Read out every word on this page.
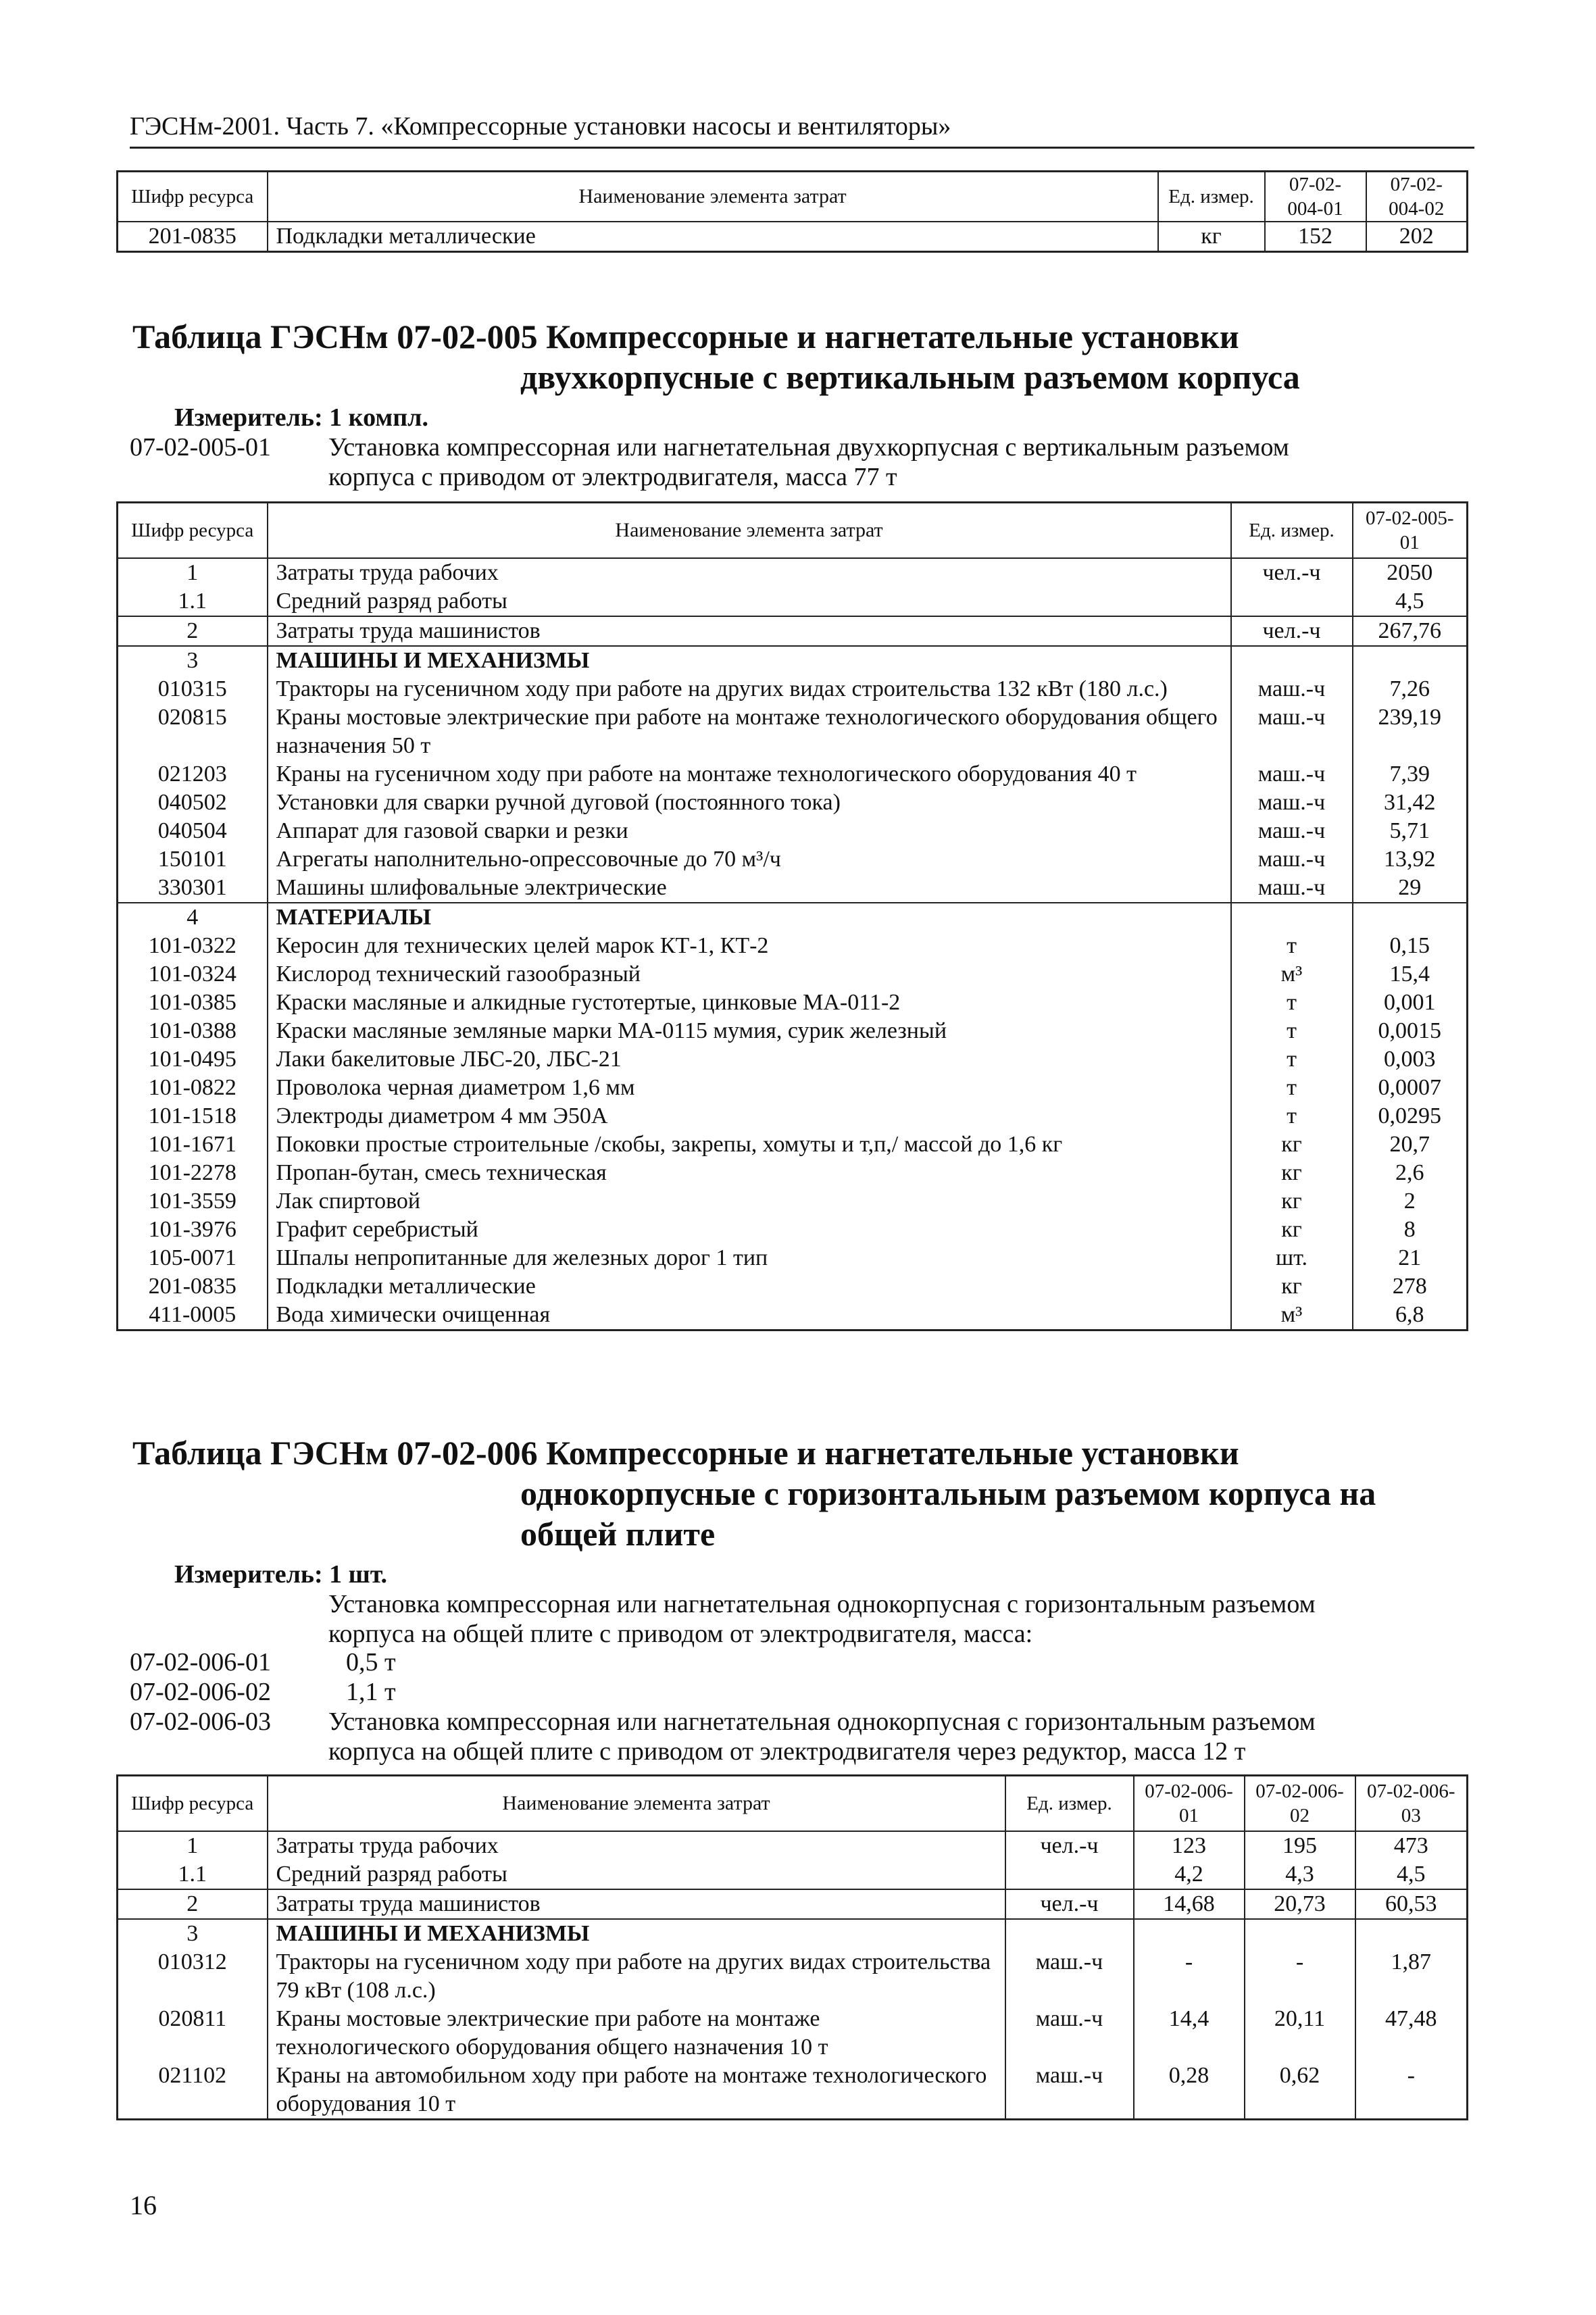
ГЭСНм-2001. Часть 7. «Компрессорные установки насосы и вентиляторы»
Шифр ресурса	Наименование элемента затрат	Ед. измер.	07-02-004-01	07-02-004-02
201-0835	Подкладки металлические	кг	152	202
Таблица ГЭСНм 07-02-005 Компрессорные и нагнетательные установки
двухкорпусные с вертикальным разъемом корпуса
Измеритель: 1 компл.
07-02-005-01 Установка компрессорная или нагнетательная двухкорпусная с вертикальным разъемом
корпуса с приводом от электродвигателя, масса 77 т
Шифр ресурса	Наименование элемента затрат	Ед. измер.	07-02-005-01
1	Затраты труда рабочих	чел.-ч	2050
1.1	Средний разряд работы		4,5
2	Затраты труда машинистов	чел.-ч	267,76
3	МАШИНЫ И МЕХАНИЗМЫ		
010315	Тракторы на гусеничном ходу при работе на других видах строительства 132 кВт (180 л.с.)	маш.-ч	7,26
020815	Краны мостовые электрические при работе на монтаже технологического оборудования общего назначения 50 т	маш.-ч	239,19
021203	Краны на гусеничном ходу при работе на монтаже технологического оборудования 40 т	маш.-ч	7,39
040502	Установки для сварки ручной дуговой (постоянного тока)	маш.-ч	31,42
040504	Аппарат для газовой сварки и резки	маш.-ч	5,71
150101	Агрегаты наполнительно-опрессовочные до 70 м³/ч	маш.-ч	13,92
330301	Машины шлифовальные электрические	маш.-ч	29
4	МАТЕРИАЛЫ		
101-0322	Керосин для технических целей марок КТ-1, КТ-2	т	0,15
101-0324	Кислород технический газообразный	м³	15,4
101-0385	Краски масляные и алкидные густотертые, цинковые МА-011-2	т	0,001
101-0388	Краски масляные земляные марки МА-0115 мумия, сурик железный	т	0,0015
101-0495	Лаки бакелитовые ЛБС-20, ЛБС-21	т	0,003
101-0822	Проволока черная диаметром 1,6 мм	т	0,0007
101-1518	Электроды диаметром 4 мм Э50А	т	0,0295
101-1671	Поковки простые строительные /скобы, закрепы, хомуты и т,п,/ массой до 1,6 кг	кг	20,7
101-2278	Пропан-бутан, смесь техническая	кг	2,6
101-3559	Лак спиртовой	кг	2
101-3976	Графит серебристый	кг	8
105-0071	Шпалы непропитанные для железных дорог 1 тип	шт.	21
201-0835	Подкладки металлические	кг	278
411-0005	Вода химически очищенная	м³	6,8
Таблица ГЭСНм 07-02-006 Компрессорные и нагнетательные установки
однокорпусные с горизонтальным разъемом корпуса на
общей плите
Измеритель: 1 шт.
Установка компрессорная или нагнетательная однокорпусная с горизонтальным разъемом
корпуса на общей плите с приводом от электродвигателя, масса:
07-02-006-01	0,5 т
07-02-006-02	1,1 т
07-02-006-03 Установка компрессорная или нагнетательная однокорпусная с горизонтальным разъемом
корпуса на общей плите с приводом от электродвигателя через редуктор, масса 12 т
Шифр ресурса	Наименование элемента затрат	Ед. измер.	07-02-006-01	07-02-006-02	07-02-006-03
1	Затраты труда рабочих	чел.-ч	123	195	473
1.1	Средний разряд работы		4,2	4,3	4,5
2	Затраты труда машинистов	чел.-ч	14,68	20,73	60,53
3	МАШИНЫ И МЕХАНИЗМЫ				
010312	Тракторы на гусеничном ходу при работе на других видах строительства 79 кВт (108 л.с.)	маш.-ч	-	-	1,87
020811	Краны мостовые электрические при работе на монтаже технологического оборудования общего назначения 10 т	маш.-ч	14,4	20,11	47,48
021102	Краны на автомобильном ходу при работе на монтаже технологического оборудования 10 т	маш.-ч	0,28	0,62	-
16
